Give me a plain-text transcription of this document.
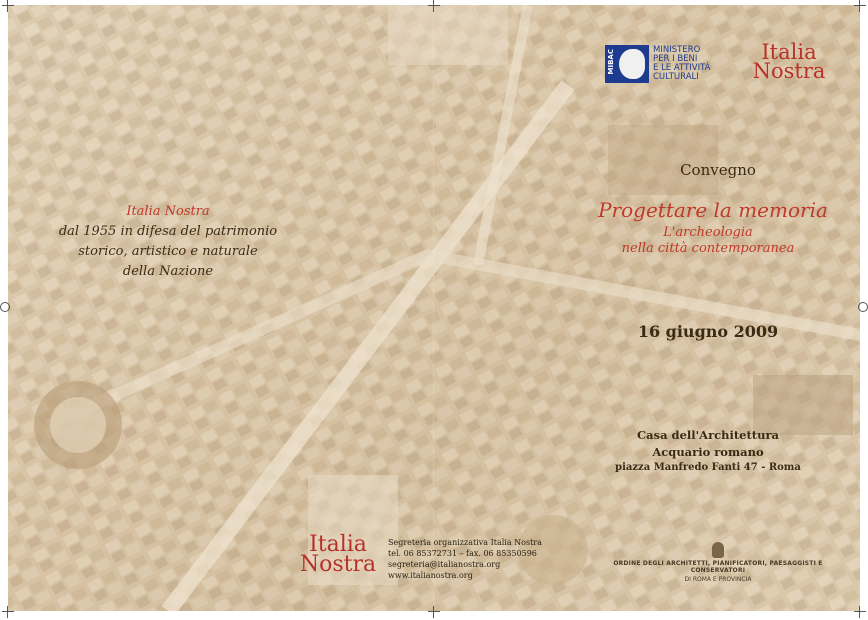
Italia Nostra
dal 1955 in difesa del patrimonio
storico, artistico e naturale
della Nazione
MIBAC	MINISTERO
PER I BENI
E LE ATTIVITÀ
CULTURALI
Italia
Nostra
Convegno
Progettare la memoria
L'archeologia
nella città contemporanea
16 giugno 2009
Casa dell'Architettura
Acquario romano
piazza Manfredo Fanti 47 - Roma
Italia
Nostra
Segreteria organizzativa Italia Nostra
tel. 06 85372731 – fax. 06 85350596
segreteria@italianostra.org
www.italianostra.org
ORDINE DEGLI ARCHITETTI, PIANIFICATORI, PAESAGGISTI E CONSERVATORI
DI ROMA E PROVINCIA
